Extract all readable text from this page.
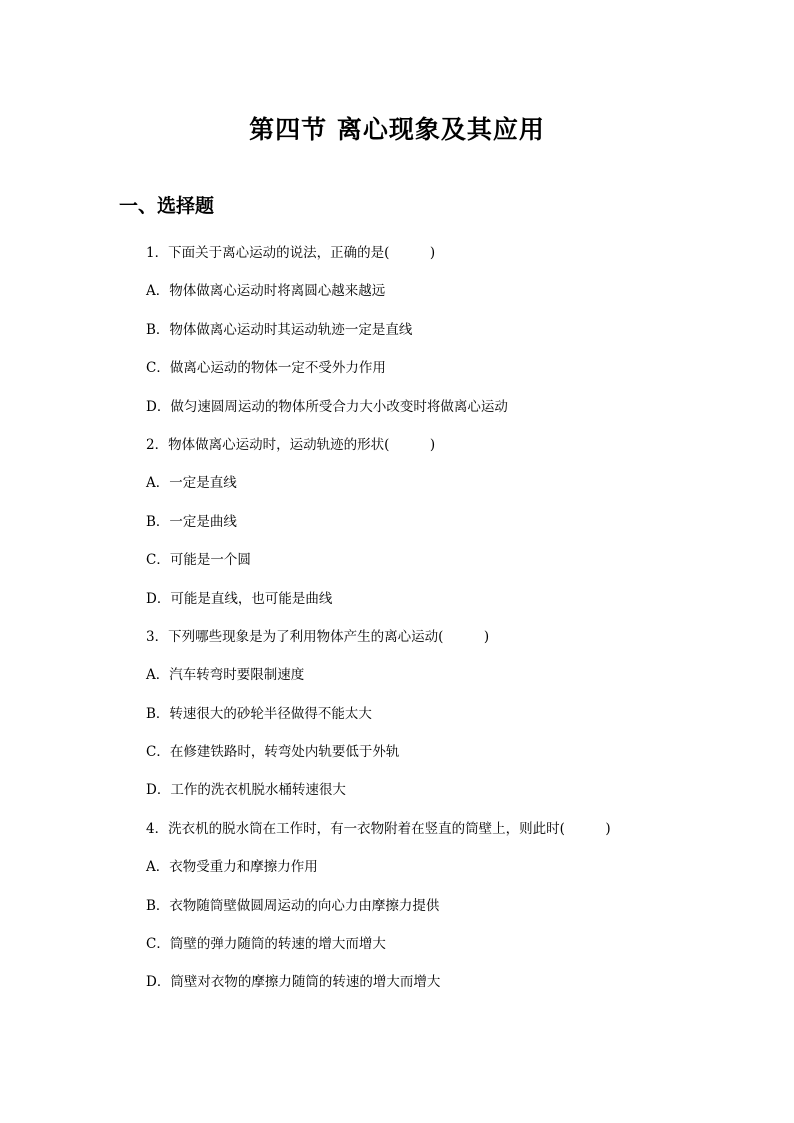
第四节 离心现象及其应用
一、选择题
1．下面关于离心运动的说法，正确的是(　　　)
A．物体做离心运动时将离圆心越来越远
B．物体做离心运动时其运动轨迹一定是直线
C．做离心运动的物体一定不受外力作用
D．做匀速圆周运动的物体所受合力大小改变时将做离心运动
2．物体做离心运动时，运动轨迹的形状(　　　)
A．一定是直线
B．一定是曲线
C．可能是一个圆
D．可能是直线，也可能是曲线
3．下列哪些现象是为了利用物体产生的离心运动(　　　)
A．汽车转弯时要限制速度
B．转速很大的砂轮半径做得不能太大
C．在修建铁路时，转弯处内轨要低于外轨
D．工作的洗衣机脱水桶转速很大
4．洗衣机的脱水筒在工作时，有一衣物附着在竖直的筒壁上，则此时(　　　)
A．衣物受重力和摩擦力作用
B．衣物随筒壁做圆周运动的向心力由摩擦力提供
C．筒壁的弹力随筒的转速的增大而增大
D．筒壁对衣物的摩擦力随筒的转速的增大而增大
